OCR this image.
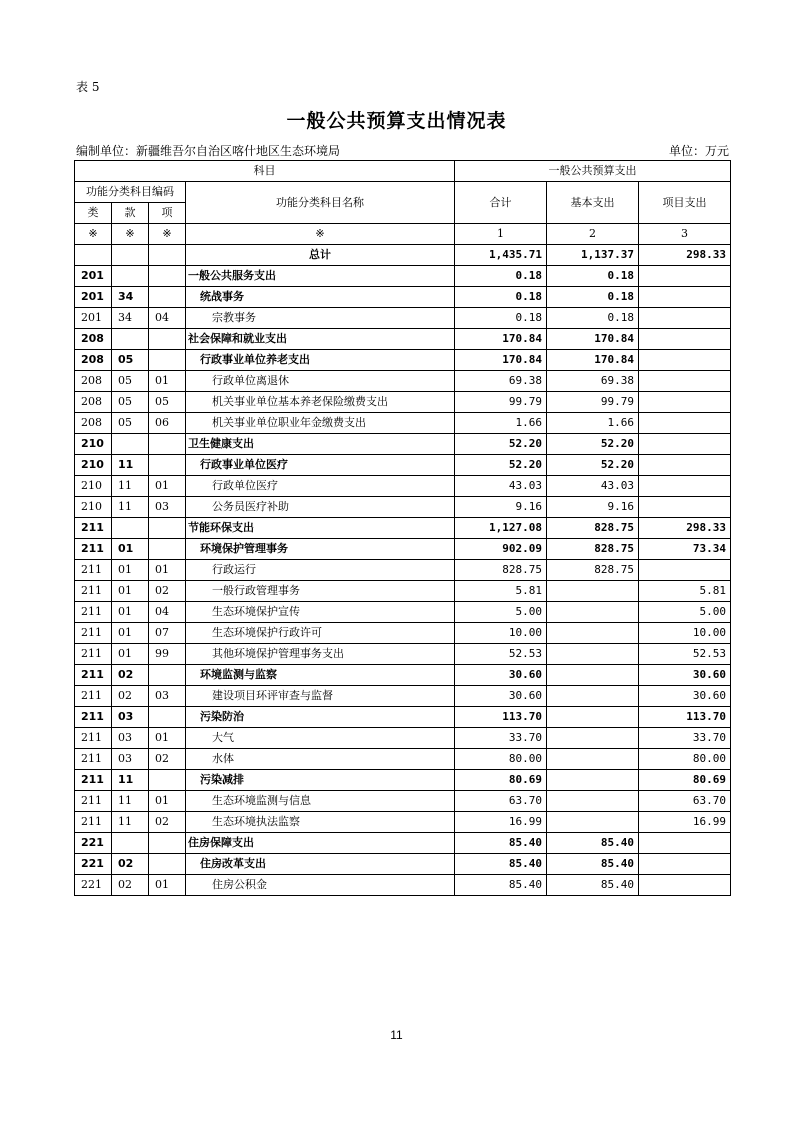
表 5
一般公共预算支出情况表
编制单位：新疆维吾尔自治区喀什地区生态环境局	单位：万元
科目				一般公共预算支出		
功能分类科目编码			功能分类科目名称	合计	基本支出	项目支出
类	款	项				
※	※	※	※	1	2	3
			总计	1,435.71	1,137.37	298.33
201			一般公共服务支出	0.18	0.18	
201	34		统战事务	0.18	0.18	
201	34	04	宗教事务	0.18	0.18	
208			社会保障和就业支出	170.84	170.84	
208	05		行政事业单位养老支出	170.84	170.84	
208	05	01	行政单位离退休	69.38	69.38	
208	05	05	机关事业单位基本养老保险缴费支出	99.79	99.79	
208	05	06	机关事业单位职业年金缴费支出	1.66	1.66	
210			卫生健康支出	52.20	52.20	
210	11		行政事业单位医疗	52.20	52.20	
210	11	01	行政单位医疗	43.03	43.03	
210	11	03	公务员医疗补助	9.16	9.16	
211			节能环保支出	1,127.08	828.75	298.33
211	01		环境保护管理事务	902.09	828.75	73.34
211	01	01	行政运行	828.75	828.75	
211	01	02	一般行政管理事务	5.81		5.81
211	01	04	生态环境保护宣传	5.00		5.00
211	01	07	生态环境保护行政许可	10.00		10.00
211	01	99	其他环境保护管理事务支出	52.53		52.53
211	02		环境监测与监察	30.60		30.60
211	02	03	建设项目环评审查与监督	30.60		30.60
211	03		污染防治	113.70		113.70
211	03	01	大气	33.70		33.70
211	03	02	水体	80.00		80.00
211	11		污染减排	80.69		80.69
211	11	01	生态环境监测与信息	63.70		63.70
211	11	02	生态环境执法监察	16.99		16.99
221			住房保障支出	85.40	85.40	
221	02		住房改革支出	85.40	85.40	
221	02	01	住房公积金	85.40	85.40	
11
